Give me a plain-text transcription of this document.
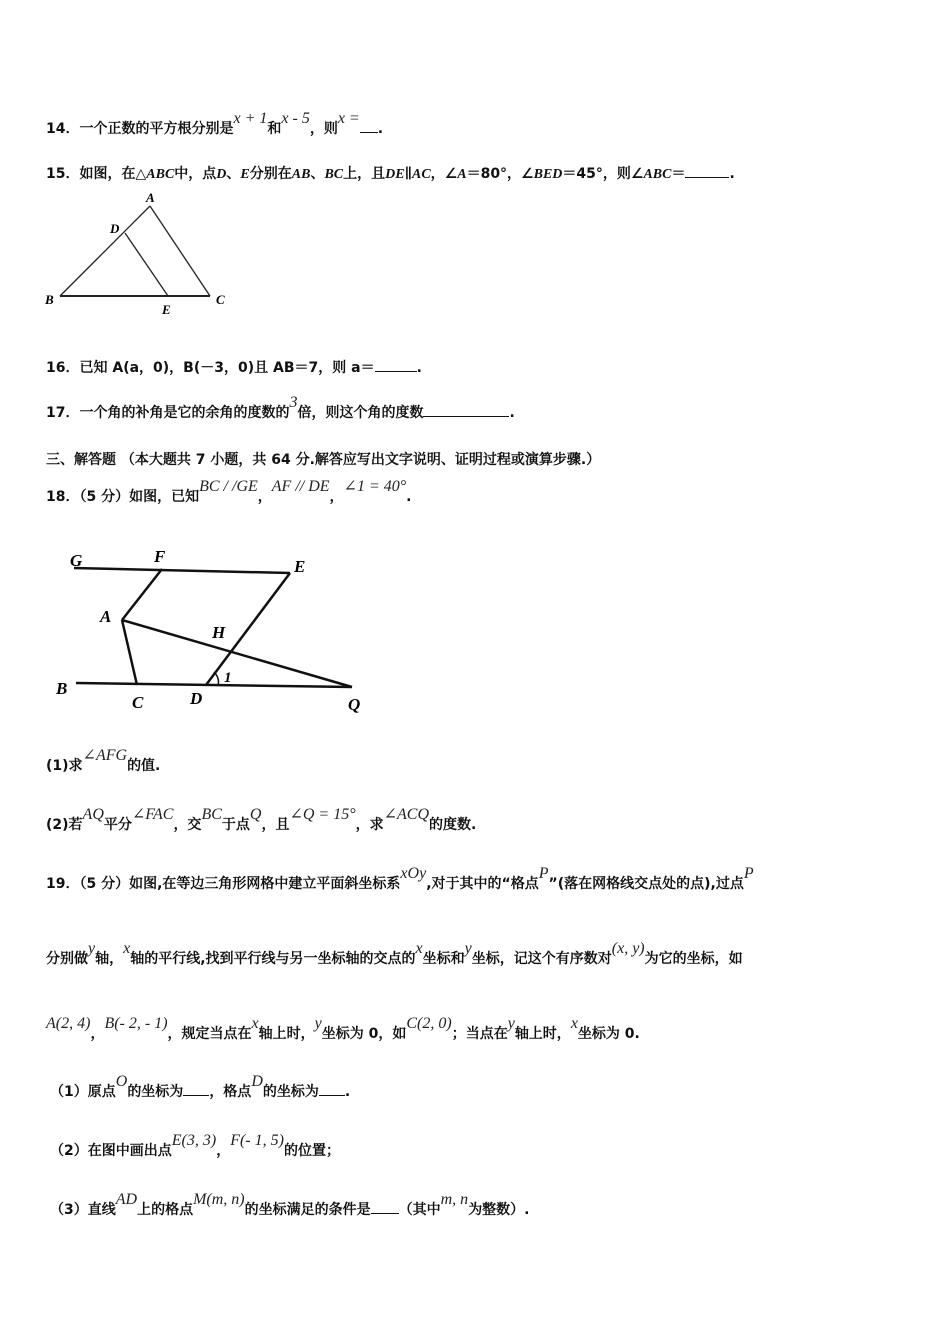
14．一个正数的平方根分别是x + 1和x - 5，则x =.
15．如图，在△ABC中，点D、E分别在AB、BC上，且DE∥AC，∠A＝80°，∠BED＝45°，则∠ABC＝	.
A
D
B
E
C
16．已知 A(a，0)，B(－3，0)且 AB＝7，则 a＝	.
17．一个角的补角是它的余角的度数的3倍，则这个角的度数	.
三、解答题 （本大题共 7 小题，共 64 分.解答应写出文字说明、证明过程或演算步骤.）
18．（5 分）如图，已知BC / /GE，AF // DE，∠1 = 40°.
G	F
E
A
H
B
C	D
1
Q
(1)求∠AFG的值.
(2)若AQ平分∠FAC，交BC于点Q，且∠Q = 15°，求∠ACQ的度数.
19．（5 分）如图,在等边三角形网格中建立平面斜坐标系xOy,对于其中的“格点P”(落在网格线交点处的点),过点P
分别做y轴，x轴的平行线,找到平行线与另一坐标轴的交点的x坐标和y坐标，记这个有序数对(x, y)为它的坐标，如
A(2, 4)，B(- 2, - 1)，规定当点在x轴上时，y坐标为 0，如C(2, 0)；当点在y轴上时，x坐标为 0.
（1）原点O的坐标为 ，格点D的坐标为 .
（2）在图中画出点E(3, 3)，F(- 1, 5)的位置；
（3）直线AD上的格点M(m, n)的坐标满足的条件是 （其中m, n为整数）.
